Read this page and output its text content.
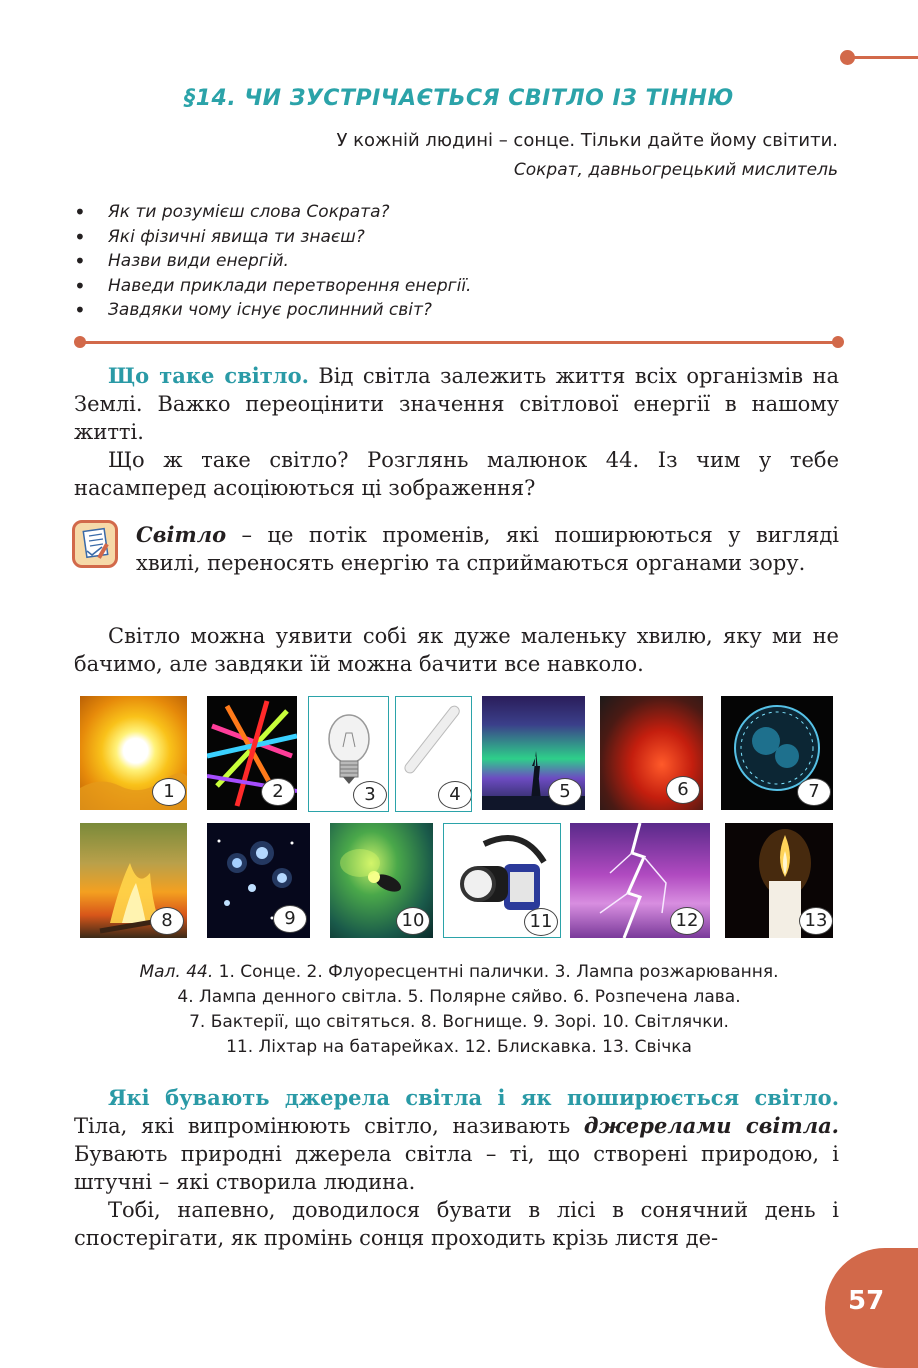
§14. ЧИ ЗУСТРІЧАЄТЬСЯ СВІТЛО ІЗ ТІННЮ
У кожній людині – сонце. Тільки дайте йому світити.
Сократ, давньогрецький мислитель
• Як ти розумієш слова Сократа?
• Які фізичні явища ти знаєш?
• Назви види енергій.
• Наведи приклади перетворення енергії.
• Завдяки чому існує рослинний світ?

Що таке світло. Від світла залежить життя всіх організмів на Землі. Важко переоцінити значення світлової енергії в нашому житті.

Що ж таке світло? Розглянь малюнок 44. Із чим у тебе насамперед асоціюються ці зображення?

Світло – це потік променів, які поширюються у вигляді хвилі, переносять енергію та сприймаються органами зору.

Світло можна уявити собі як дуже маленьку хвилю, яку ми не бачимо, але завдяки їй можна бачити все навколо.

1	2	3	4	5	6	7
8	9	10	11	12	13
Мал. 44. 1. Сонце. 2. Флуоресцентні палички. 3. Лампа розжарювання.
4. Лампа денного світла. 5. Полярне сяйво. 6. Розпечена лава.
7. Бактерії, що світяться. 8. Вогнище. 9. Зорі. 10. Світлячки.
11. Ліхтар на батарейках. 12. Блискавка. 13. Свічка

Які бувають джерела світла і як поширюється світло. Тіла, які випромінюють світло, називають джерелами світла. Бувають природні джерела світла – ті, що створені природою, і штучні – які створила людина.

Тобі, напевно, доводилося бувати в лісі в сонячний день і спостерігати, як промінь сонця проходить крізь листя де-

57
